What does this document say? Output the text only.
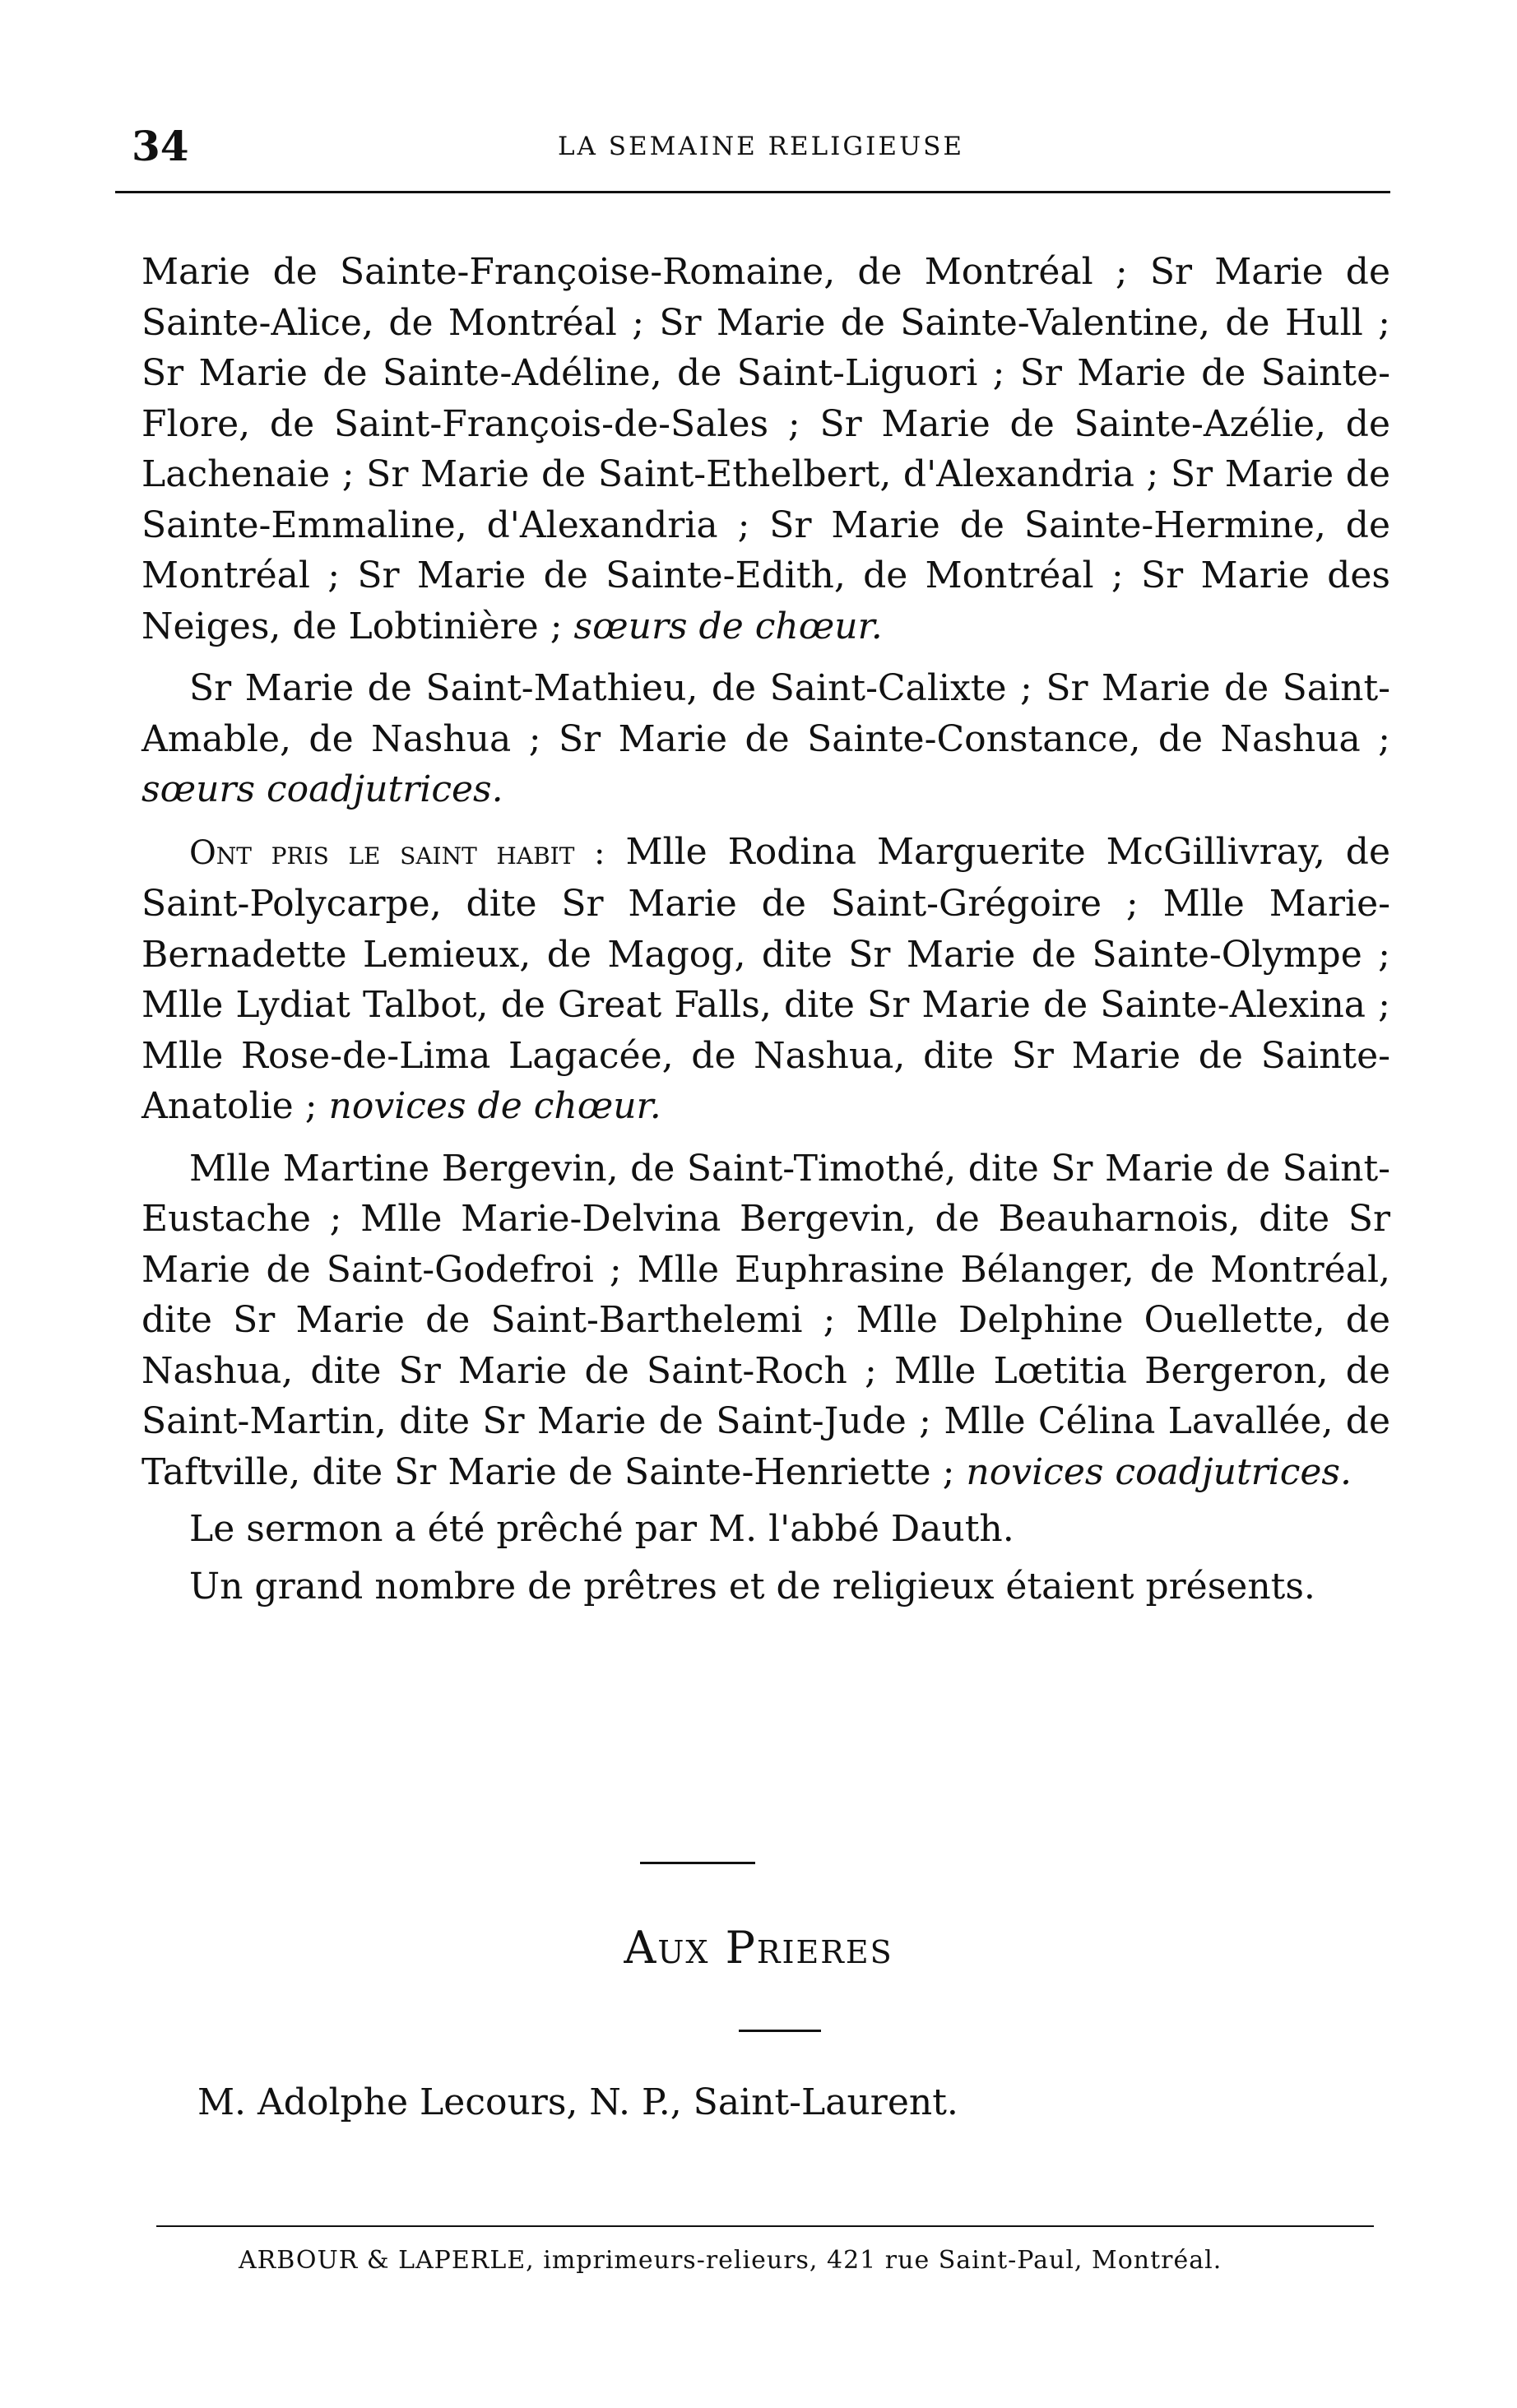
34	LA SEMAINE RELIGIEUSE

Marie de Sainte-Françoise-Romaine, de Montréal ; Sr Marie de Sainte-Alice, de Montréal ; Sr Marie de Sainte-Valentine, de Hull ; Sr Marie de Sainte-Adéline, de Saint-Liguori ; Sr Marie de Sainte-Flore, de Saint-François-de-Sales ; Sr Marie de Sainte-Azélie, de Lachenaie ; Sr Marie de Saint-Ethelbert, d'Alexandria ; Sr Marie de Sainte-Emmaline, d'Alexandria ; Sr Marie de Sainte-Hermine, de Montréal ; Sr Marie de Sainte-Edith, de Montréal ; Sr Marie des Neiges, de Lobtinière ; sœurs de chœur.

Sr Marie de Saint-Mathieu, de Saint-Calixte ; Sr Marie de Saint-Amable, de Nashua ; Sr Marie de Sainte-Constance, de Nashua ; sœurs coadjutrices.

Ont pris le saint habit : Mlle Rodina Marguerite McGillivray, de Saint-Polycarpe, dite Sr Marie de Saint-Grégoire ; Mlle Marie-Bernadette Lemieux, de Magog, dite Sr Marie de Sainte-Olympe ; Mlle Lydiat Talbot, de Great Falls, dite Sr Marie de Sainte-Alexina ; Mlle Rose-de-Lima Lagacée, de Nashua, dite Sr Marie de Sainte-Anatolie ; novices de chœur.

Mlle Martine Bergevin, de Saint-Timothé, dite Sr Marie de Saint-Eustache ; Mlle Marie-Delvina Bergevin, de Beauharnois, dite Sr Marie de Saint-Godefroi ; Mlle Euphrasine Bélanger, de Montréal, dite Sr Marie de Saint-Barthelemi ; Mlle Delphine Ouellette, de Nashua, dite Sr Marie de Saint-Roch ; Mlle Lœtitia Bergeron, de Saint-Martin, dite Sr Marie de Saint-Jude ; Mlle Célina Lavallée, de Taftville, dite Sr Marie de Sainte-Henriette ; novices coadjutrices.

Le sermon a été prêché par M. l'abbé Dauth.

Un grand nombre de prêtres et de religieux étaient présents.

Aux Prieres
M. Adolphe Lecours, N. P., Saint-Laurent.
ARBOUR & LAPERLE, imprimeurs-relieurs, 421 rue Saint-Paul, Montréal.
